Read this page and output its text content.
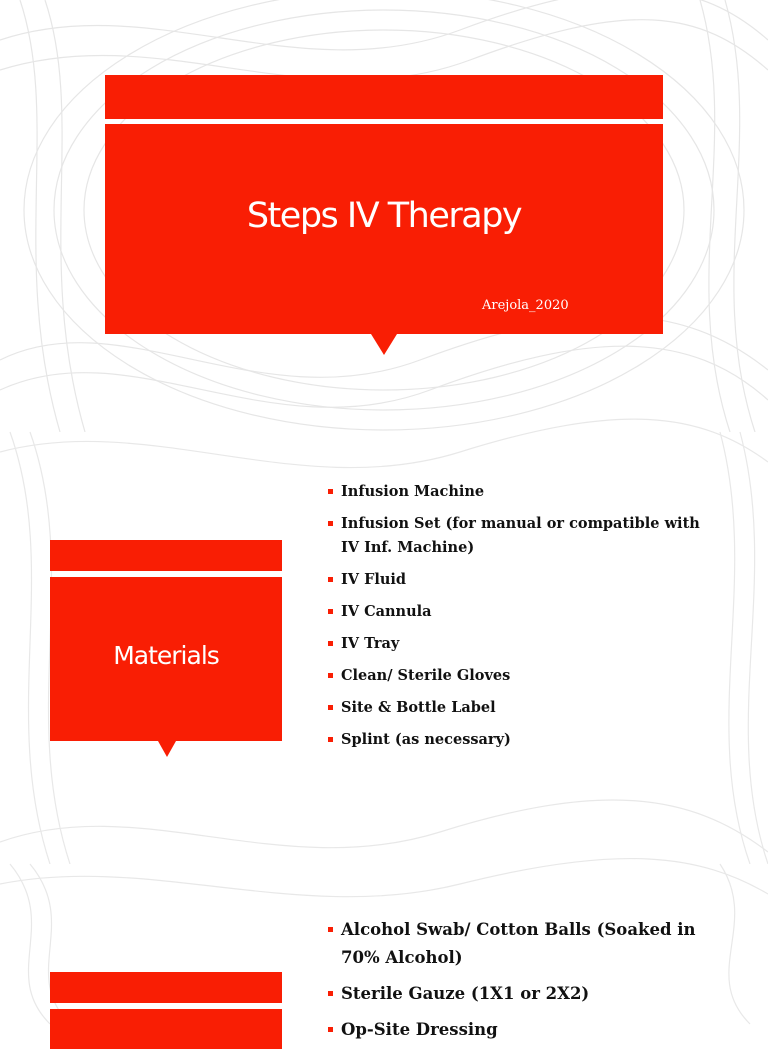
Steps IV Therapy
Arejola_2020
Materials
Infusion Machine
Infusion Set (for manual or compatible with IV Inf. Machine)
IV Fluid
IV Cannula
IV Tray
Clean/ Sterile Gloves
Site & Bottle Label
Splint (as necessary)
Alcohol Swab/ Cotton Balls (Soaked in 70% Alcohol)
Sterile Gauze (1X1 or 2X2)
Op-Site Dressing
